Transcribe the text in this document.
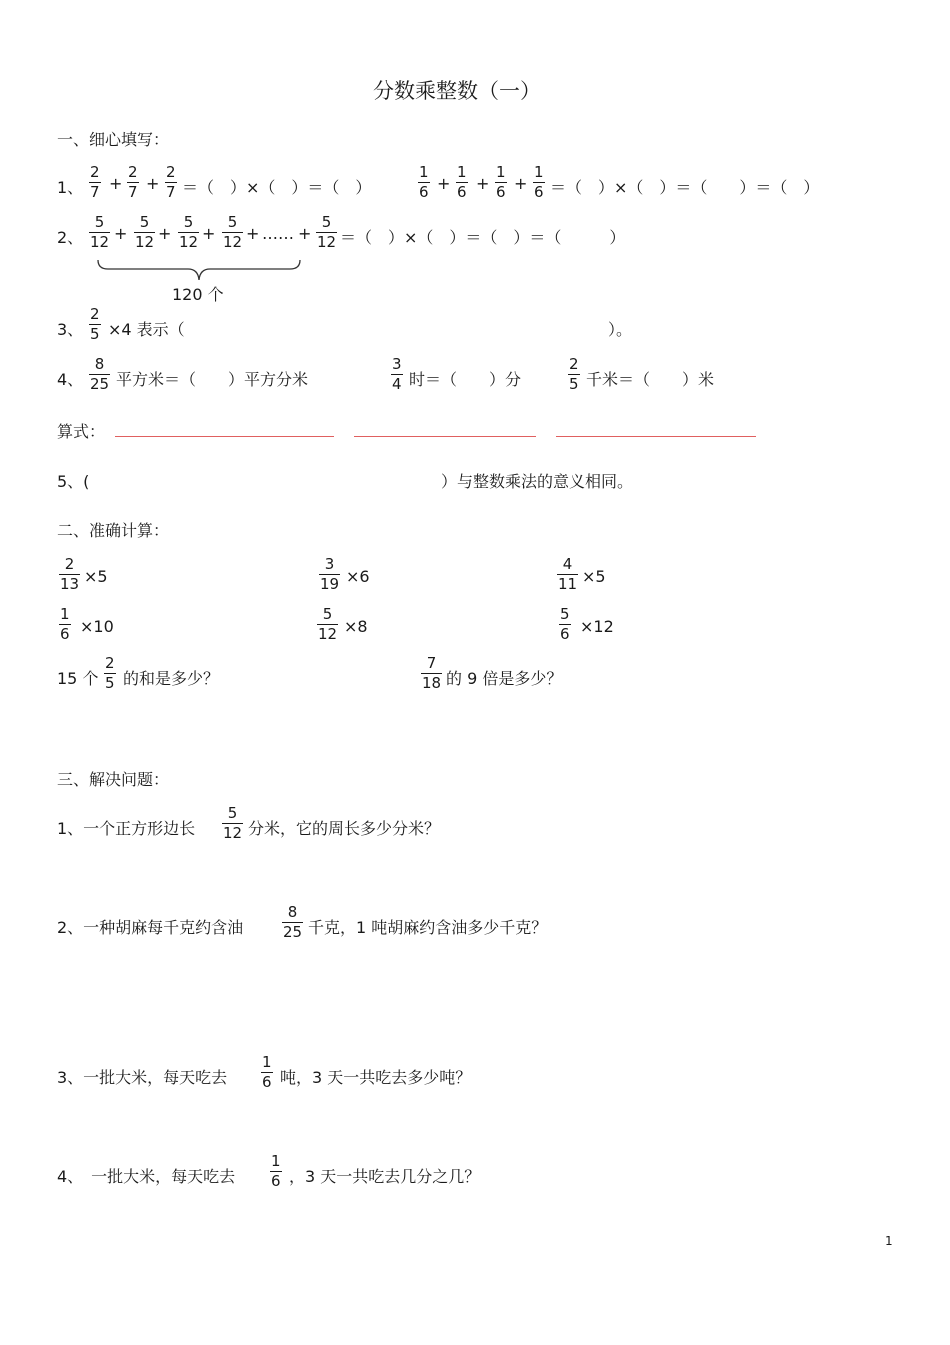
分数乘整数（一）
一、细心填写：
1、
2
7 +
2
7 +
2
7 ＝（　）×（　）＝（　）
1
6 +
1
6 +
1
6 +
1
6 ＝（　）×（　）＝（　　）＝（　）
2、
5
12 +
5
12 +
5
12 +
5
12 + …… +
5
12 ＝（　）×（　）＝（　）＝（　　　）
120 个
3、
2
5 ×4 表示（	）。
4、
8
25 平方米＝（　　）平方分米
3
4 时＝（　　）分
2
5 千米＝（　　）米
算式：
5、(	）与整数乘法的意义相同。
二、准确计算：
2
13 ×5
3
19 ×6
4
11 ×5
1
6 ×10
5
12 ×8
5
6 ×12
15 个
2
5 的和是多少？
7
18 的 9 倍是多少？
三、解决问题：
1、一个正方形边长
5
12 分米，它的周长多少分米？
2、一种胡麻每千克约含油
8
25 千克，1 吨胡麻约含油多少千克？
3、一批大米，每天吃去
1
6 吨，3 天一共吃去多少吨？
4、　一批大米，每天吃去
1
6 ，3 天一共吃去几分之几？
1
